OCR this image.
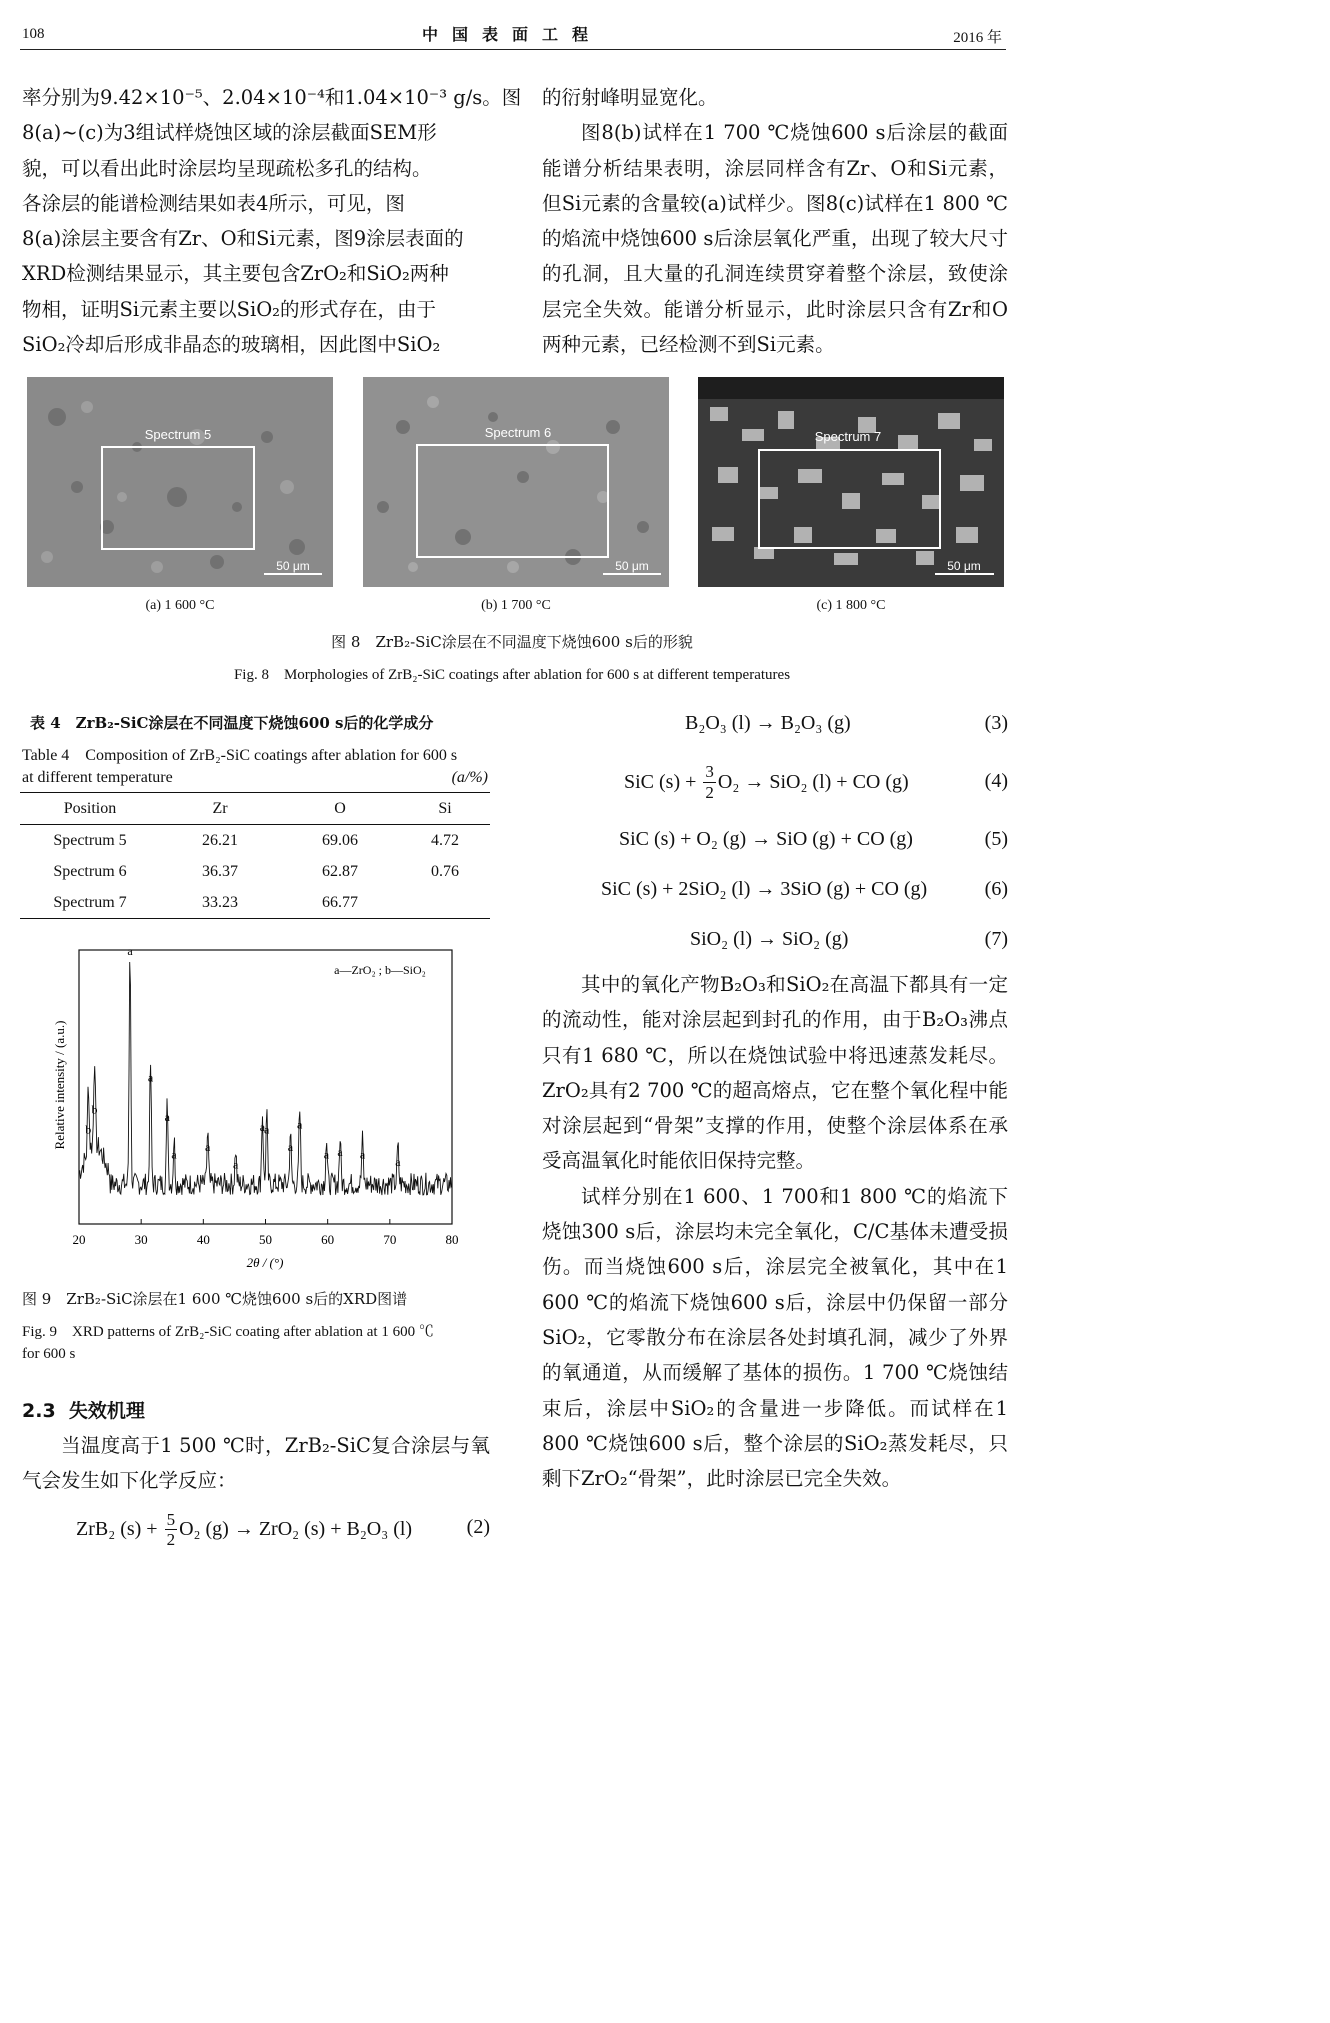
108	中国表面工程	2016 年

率分别为9.42×10⁻⁵、2.04×10⁻⁴和1.04×10⁻³ g/s。图

8(a)~(c)为3组试样烧蚀区域的涂层截面SEM形

貌，可以看出此时涂层均呈现疏松多孔的结构。

各涂层的能谱检测结果如表4所示，可见，图

8(a)涂层主要含有Zr、O和Si元素，图9涂层表面的

XRD检测结果显示，其主要包含ZrO₂和SiO₂两种

物相，证明Si元素主要以SiO₂的形式存在，由于

SiO₂冷却后形成非晶态的玻璃相，因此图中SiO₂

的衍射峰明显宽化。

图8(b)试样在1 700 ℃烧蚀600 s后涂层的截面能谱分析结果表明，涂层同样含有Zr、O和Si元素，但Si元素的含量较(a)试样少。图8(c)试样在1 800 ℃的焰流中烧蚀600 s后涂层氧化严重，出现了较大尺寸的孔洞，且大量的孔洞连续贯穿着整个涂层，致使涂层完全失效。能谱分析显示，此时涂层只含有Zr和O两种元素，已经检测不到Si元素。

Spectrum 5
50 μm
Spectrum 6
50 μm
Spectrum 7
50 μm
(a) 1 600 °C	(b) 1 700 °C	(c) 1 800 °C
图 8　ZrB₂-SiC涂层在不同温度下烧蚀600 s后的形貌
Fig. 8　Morphologies of ZrB₂-SiC coatings after ablation for 600 s at different temperatures
表 4　ZrB₂-SiC涂层在不同温度下烧蚀600 s后的化学成分
Table 4　Composition of ZrB₂-SiC coatings after ablation for 600 s
at different temperature	(a/%)
Position	Zr	O	Si
Spectrum 5	26.21	69.06	4.72
Spectrum 6	36.37	62.87	0.76
Spectrum 7	33.23	66.77	
b
b
a
a
a
a
a
a
a
a
a
a
a a a
a
20	30	40	50	60	70	80
a—ZrO₂ ; b—SiO₂
2θ / (°)
Relative intensity / (a.u.)
图 9　ZrB₂-SiC涂层在1 600 ℃烧蚀600 s后的XRD图谱
Fig. 9　XRD patterns of ZrB₂-SiC coating after ablation at 1 600 ℃
for 600 s
2.3 失效机理

当温度高于1 500 ℃时，ZrB₂-SiC复合涂层与氧气会发生如下化学反应：

ZrB₂ $(s) + \frac{5}{2} O_2$ (g) → ZrO₂ (s) + B₂O₃ (l)	(2)
B₂O₃ (l) → B₂O₃ (g)	(3)
SiC $(s) + \frac{3}{2} O_2 \to SiO_2$ (l) + CO (g)	(4)
SiC (s) + O₂ (g) → SiO (g) + CO (g)	(5)
SiC (s) + 2SiO₂ (l) → 3SiO (g) + CO (g)	(6)
SiO₂ (l) → SiO₂ (g)	(7)

其中的氧化产物B₂O₃和SiO₂在高温下都具有一定的流动性，能对涂层起到封孔的作用，由于B₂O₃沸点只有1 680 ℃，所以在烧蚀试验中将迅速蒸发耗尽。ZrO₂具有2 700 ℃的超高熔点，它在整个氧化程中能对涂层起到“骨架”支撑的作用，使整个涂层体系在承受高温氧化时能依旧保持完整。

试样分别在1 600、1 700和1 800 ℃的焰流下烧蚀300 s后，涂层均未完全氧化，C/C基体未遭受损伤。而当烧蚀600 s后，涂层完全被氧化，其中在1 600 ℃的焰流下烧蚀600 s后，涂层中仍保留一部分SiO₂，它零散分布在涂层各处封填孔洞，减少了外界的氧通道，从而缓解了基体的损伤。1 700 ℃烧蚀结束后，涂层中SiO₂的含量进一步降低。而试样在1 800 ℃烧蚀600 s后，整个涂层的SiO₂蒸发耗尽，只剩下ZrO₂“骨架”，此时涂层已完全失效。
